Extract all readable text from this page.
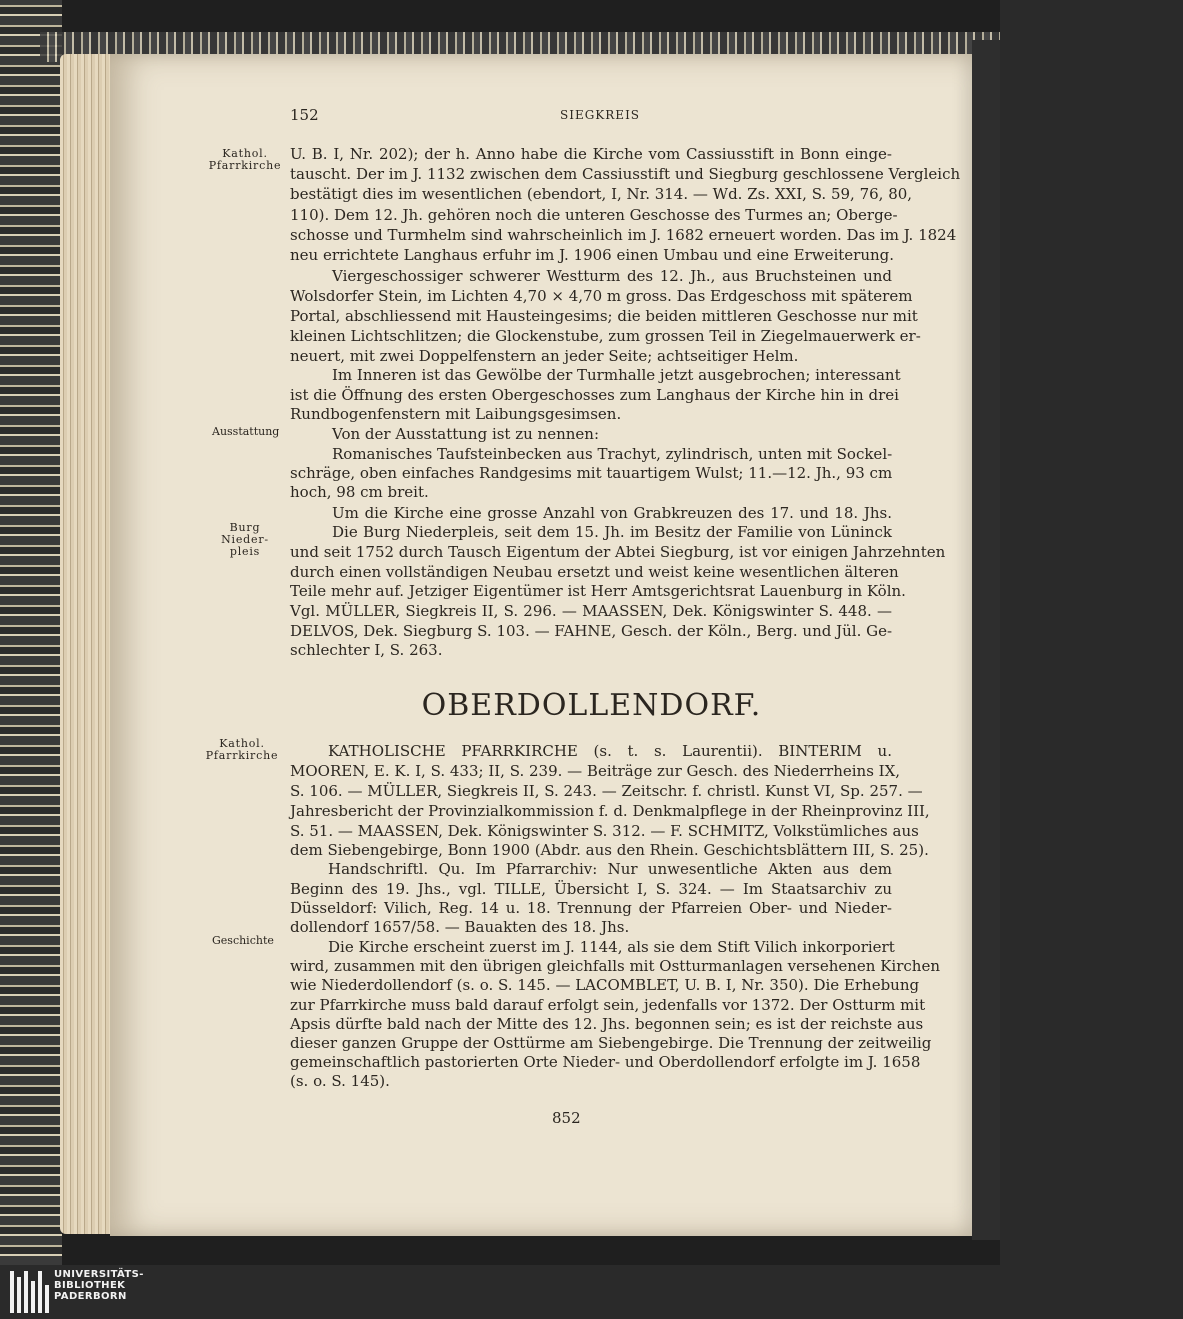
152	SIEGKREIS
Kathol.
Pfarrkirche
Ausstattung
Burg
Nieder-
pleis
Kathol.
Pfarrkirche
Geschichte
U. B. I, Nr. 202); der h. Anno habe die Kirche vom Cassiusstift in Bonn einge-
tauscht. Der im J. 1132 zwischen dem Cassiusstift und Siegburg geschlossene Vergleich
bestätigt dies im wesentlichen (ebendort, I, Nr. 314. — Wd. Zs. XXI, S. 59, 76, 80,
110). Dem 12. Jh. gehören noch die unteren Geschosse des Turmes an; Oberge-
schosse und Turmhelm sind wahrscheinlich im J. 1682 erneuert worden. Das im J. 1824
neu errichtete Langhaus erfuhr im J. 1906 einen Umbau und eine Erweiterung.
Viergeschossiger schwerer Westturm des 12. Jh., aus Bruchsteinen und
Wolsdorfer Stein, im Lichten 4,70 × 4,70 m gross. Das Erdgeschoss mit späterem
Portal, abschliessend mit Hausteingesims; die beiden mittleren Geschosse nur mit
kleinen Lichtschlitzen; die Glockenstube, zum grossen Teil in Ziegelmauerwerk er-
neuert, mit zwei Doppelfenstern an jeder Seite; achtseitiger Helm.
Im Inneren ist das Gewölbe der Turmhalle jetzt ausgebrochen; interessant
ist die Öffnung des ersten Obergeschosses zum Langhaus der Kirche hin in drei
Rundbogenfenstern mit Laibungsgesimsen.
Von der Ausstattung ist zu nennen:
Romanisches Taufsteinbecken aus Trachyt, zylindrisch, unten mit Sockel-
schräge, oben einfaches Randgesims mit tauartigem Wulst; 11.—12. Jh., 93 cm
hoch, 98 cm breit.
Um die Kirche eine grosse Anzahl von Grabkreuzen des 17. und 18. Jhs.
Die Burg Niederpleis, seit dem 15. Jh. im Besitz der Familie von Lüninck
und seit 1752 durch Tausch Eigentum der Abtei Siegburg, ist vor einigen Jahrzehnten
durch einen vollständigen Neubau ersetzt und weist keine wesentlichen älteren
Teile mehr auf. Jetziger Eigentümer ist Herr Amtsgerichtsrat Lauenburg in Köln.
Vgl. MÜLLER, Siegkreis II, S. 296. — MAASSEN, Dek. Königswinter S. 448. —
DELVOS, Dek. Siegburg S. 103. — FAHNE, Gesch. der Köln., Berg. und Jül. Ge-
schlechter I, S. 263.
OBERDOLLENDORF.
KATHOLISCHE PFARRKIRCHE (s. t. s. Laurentii). BINTERIM u.
MOOREN, E. K. I, S. 433; II, S. 239. — Beiträge zur Gesch. des Niederrheins IX,
S. 106. — MÜLLER, Siegkreis II, S. 243. — Zeitschr. f. christl. Kunst VI, Sp. 257. —
Jahresbericht der Provinzialkommission f. d. Denkmalpflege in der Rheinprovinz III,
S. 51. — MAASSEN, Dek. Königswinter S. 312. — F. SCHMITZ, Volkstümliches aus
dem Siebengebirge, Bonn 1900 (Abdr. aus den Rhein. Geschichtsblättern III, S. 25).
Handschriftl. Qu. Im Pfarrarchiv: Nur unwesentliche Akten aus dem
Beginn des 19. Jhs., vgl. TILLE, Übersicht I, S. 324. — Im Staatsarchiv zu
Düsseldorf: Vilich, Reg. 14 u. 18. Trennung der Pfarreien Ober- und Nieder-
dollendorf 1657/58. — Bauakten des 18. Jhs.
Die Kirche erscheint zuerst im J. 1144, als sie dem Stift Vilich inkorporiert
wird, zusammen mit den übrigen gleichfalls mit Ostturmanlagen versehenen Kirchen
wie Niederdollendorf (s. o. S. 145. — LACOMBLET, U. B. I, Nr. 350). Die Erhebung
zur Pfarrkirche muss bald darauf erfolgt sein, jedenfalls vor 1372. Der Ostturm mit
Apsis dürfte bald nach der Mitte des 12. Jhs. begonnen sein; es ist der reichste aus
dieser ganzen Gruppe der Osttürme am Siebengebirge. Die Trennung der zeitweilig
gemeinschaftlich pastorierten Orte Nieder- und Oberdollendorf erfolgte im J. 1658
(s. o. S. 145).
852
UNIVERSITÄTS-
BIBLIOTHEK
PADERBORN
